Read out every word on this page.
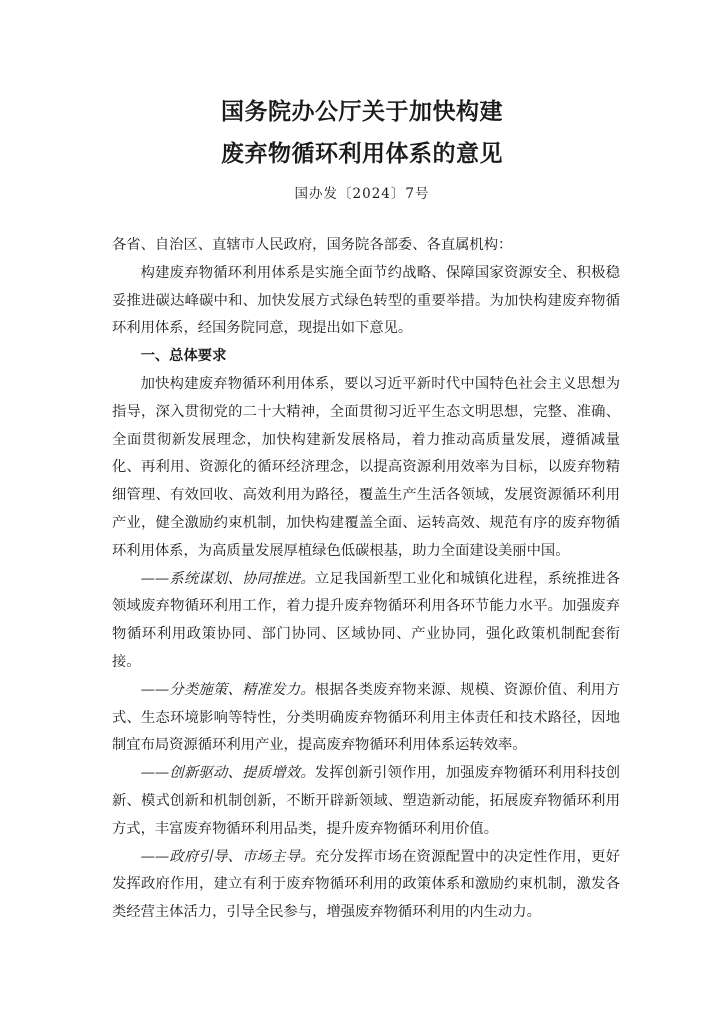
国务院办公厅关于加快构建
废弃物循环利用体系的意见
国办发〔2024〕7号

各省、自治区、直辖市人民政府，国务院各部委、各直属机构：

构建废弃物循环利用体系是实施全面节约战略、保障国家资源安全、积极稳妥推进碳达峰碳中和、加快发展方式绿色转型的重要举措。为加快构建废弃物循环利用体系，经国务院同意，现提出如下意见。

一、总体要求

加快构建废弃物循环利用体系，要以习近平新时代中国特色社会主义思想为指导，深入贯彻党的二十大精神，全面贯彻习近平生态文明思想，完整、准确、全面贯彻新发展理念，加快构建新发展格局，着力推动高质量发展，遵循减量化、再利用、资源化的循环经济理念，以提高资源利用效率为目标，以废弃物精细管理、有效回收、高效利用为路径，覆盖生产生活各领域，发展资源循环利用产业，健全激励约束机制，加快构建覆盖全面、运转高效、规范有序的废弃物循环利用体系，为高质量发展厚植绿色低碳根基，助力全面建设美丽中国。

——系统谋划、协同推进。立足我国新型工业化和城镇化进程，系统推进各领域废弃物循环利用工作，着力提升废弃物循环利用各环节能力水平。加强废弃物循环利用政策协同、部门协同、区域协同、产业协同，强化政策机制配套衔接。

——分类施策、精准发力。根据各类废弃物来源、规模、资源价值、利用方式、生态环境影响等特性，分类明确废弃物循环利用主体责任和技术路径，因地制宜布局资源循环利用产业，提高废弃物循环利用体系运转效率。

——创新驱动、提质增效。发挥创新引领作用，加强废弃物循环利用科技创新、模式创新和机制创新，不断开辟新领域、塑造新动能，拓展废弃物循环利用方式，丰富废弃物循环利用品类，提升废弃物循环利用价值。

——政府引导、市场主导。充分发挥市场在资源配置中的决定性作用，更好发挥政府作用，建立有利于废弃物循环利用的政策体系和激励约束机制，激发各类经营主体活力，引导全民参与，增强废弃物循环利用的内生动力。
